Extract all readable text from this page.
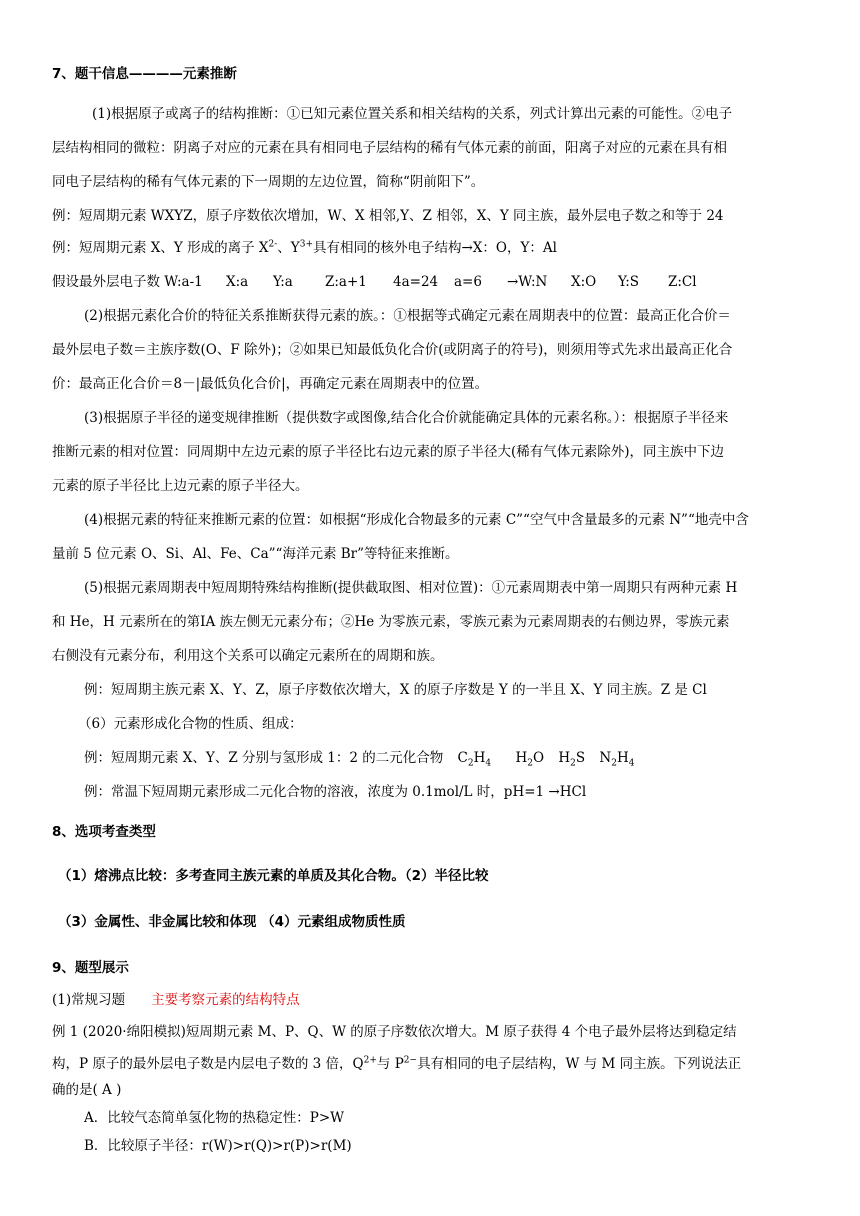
7、题干信息————元素推断
(1)根据原子或离子的结构推断：①已知元素位置关系和相关结构的关系，列式计算出元素的可能性。②电子
层结构相同的微粒：阴离子对应的元素在具有相同电子层结构的稀有气体元素的前面，阳离子对应的元素在具有相
同电子层结构的稀有气体元素的下一周期的左边位置，简称“阴前阳下”。
例：短周期元素 WXYZ，原子序数依次增加，W、X 相邻,Y、Z 相邻，X、Y 同主族，最外层电子数之和等于 24
例：短周期元素 X、Y 形成的离子 $X^{2-}$、$Y^{3+}$具有相同的核外电子结构→X：O，Y：Al
假设最外层电子数 W:a-1 X:a Y:a Z:a+1 4a=24 a=6 →W:N X:O Y:S Z:Cl
(2)根据元素化合价的特征关系推断获得元素的族。：①根据等式确定元素在周期表中的位置：最高正化合价＝
最外层电子数＝主族序数(O、F 除外)；②如果已知最低负化合价(或阴离子的符号)，则须用等式先求出最高正化合
价：最高正化合价＝8－|最低负化合价|，再确定元素在周期表中的位置。
(3)根据原子半径的递变规律推断（提供数字或图像,结合化合价就能确定具体的元素名称。）：根据原子半径来
推断元素的相对位置：同周期中左边元素的原子半径比右边元素的原子半径大(稀有气体元素除外)，同主族中下边
元素的原子半径比上边元素的原子半径大。
(4)根据元素的特征来推断元素的位置：如根据“形成化合物最多的元素 C”“空气中含量最多的元素 N”“地壳中含
量前 5 位元素 O、Si、Al、Fe、Ca”“海洋元素 Br”等特征来推断。
(5)根据元素周期表中短周期特殊结构推断(提供截取图、相对位置)：①元素周期表中第一周期只有两种元素 H
和 He，H 元素所在的第ⅠA 族左侧无元素分布；②He 为零族元素，零族元素为元素周期表的右侧边界，零族元素
右侧没有元素分布，利用这个关系可以确定元素所在的周期和族。
例：短周期主族元素 X、Y、Z，原子序数依次增大，X 的原子序数是 Y 的一半且 X、Y 同主族。Z 是 Cl
（6）元素形成化合物的性质、组成：
例：短周期元素 X、Y、Z 分别与氢形成 1：2 的二元化合物 $C_2H_4$ $H_2O$ $H_2S$ $N_2H_4$
例：常温下短周期元素形成二元化合物的溶液，浓度为 0.1mol/L 时，pH=1 →HCl
8、选项考查类型
（1）熔沸点比较：多考查同主族元素的单质及其化合物。（2）半径比较
（3）金属性、非金属比较和体现 （4）元素组成物质性质
9、题型展示
(1)常规习题 主要考察元素的结构特点
例 1 (2020·绵阳模拟)短周期元素 M、P、Q、W 的原子序数依次增大。M 原子获得 4 个电子最外层将达到稳定结
构，P 原子的最外层电子数是内层电子数的 3 倍，$Q^{2+}$与 $P^{2-}$具有相同的电子层结构，W 与 M 同主族。下列说法正
确的是( A )
A．比较气态简单氢化物的热稳定性：P>W
B．比较原子半径：r(W)>r(Q)>r(P)>r(M)
